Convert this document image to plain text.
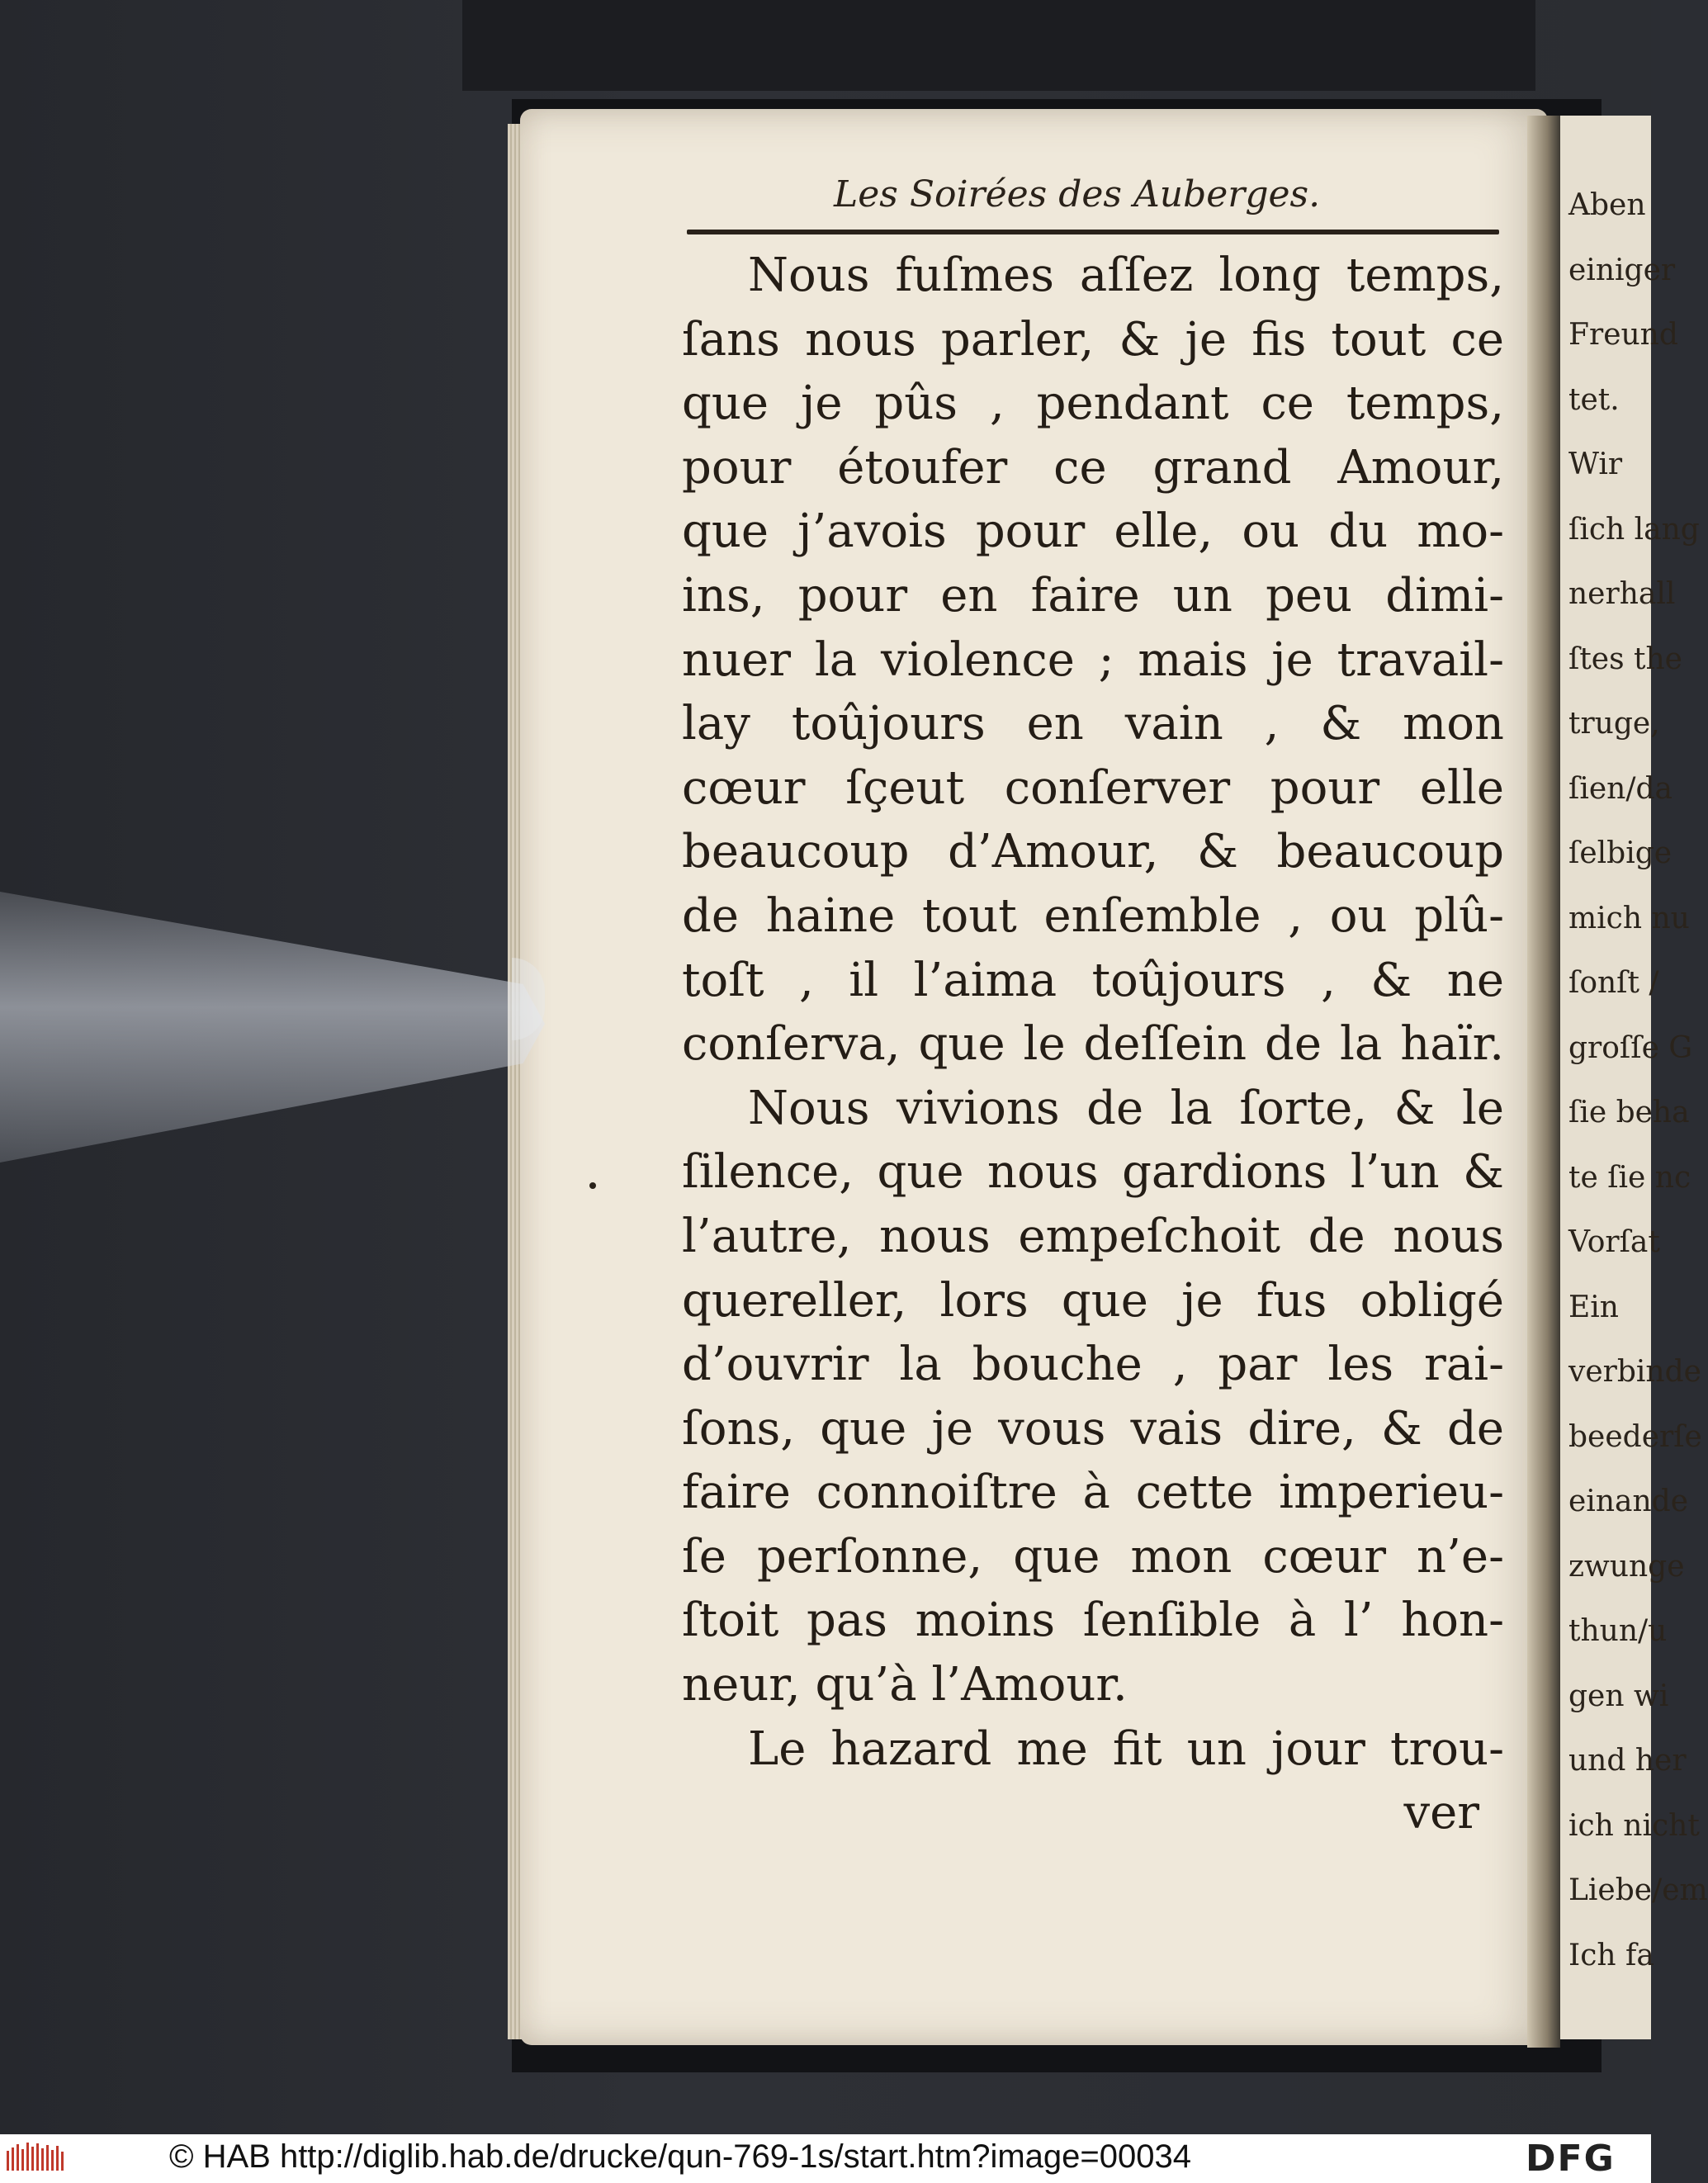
Aben
einiger
Freund
tet.
Wir
ſich lang
nerhall
ſtes the
truge,
ſien/da
ſelbige
mich nu
ſonſt /
groſſe G
ſie beha
te ſie nc
Vorſat
Ein
verbinde
beederſe
einande
zwunge
thun/u
gen wi
und her
ich nicht
Liebe/em
Ich fa
Les Soirées des Auberges.
Nous fuſmes aſſez long temps,
ſans nous parler, & je fis tout ce
que je pûs , pendant ce temps,
pour étoufer ce grand Amour,
que j’avois pour elle, ou du mo-
ins, pour en faire un peu dimi-
nuer la violence ; mais je travail-
lay toûjours en vain , & mon
cœur ſçeut conſerver pour elle
beaucoup d’Amour, & beaucoup
de haine tout enſemble , ou plû-
toſt , il l’aima toûjours , & ne
conſerva, que le deſſein de la haïr.
Nous vivions de la ſorte, & le
ſilence, que nous gardions l’un &
l’autre, nous empeſchoit de nous
quereller, lors que je fus obligé
d’ouvrir la bouche , par les rai-
ſons, que je vous vais dire, & de
faire connoiſtre à cette imperieu-
ſe perſonne, que mon cœur n’e-
ſtoit pas moins ſenſible à l’ hon-
neur, qu’à l’Amour.
Le hazard me fit un jour trou-
ver
© HAB http://diglib.hab.de/drucke/qun-769-1s/start.htm?image=00034	DFG
